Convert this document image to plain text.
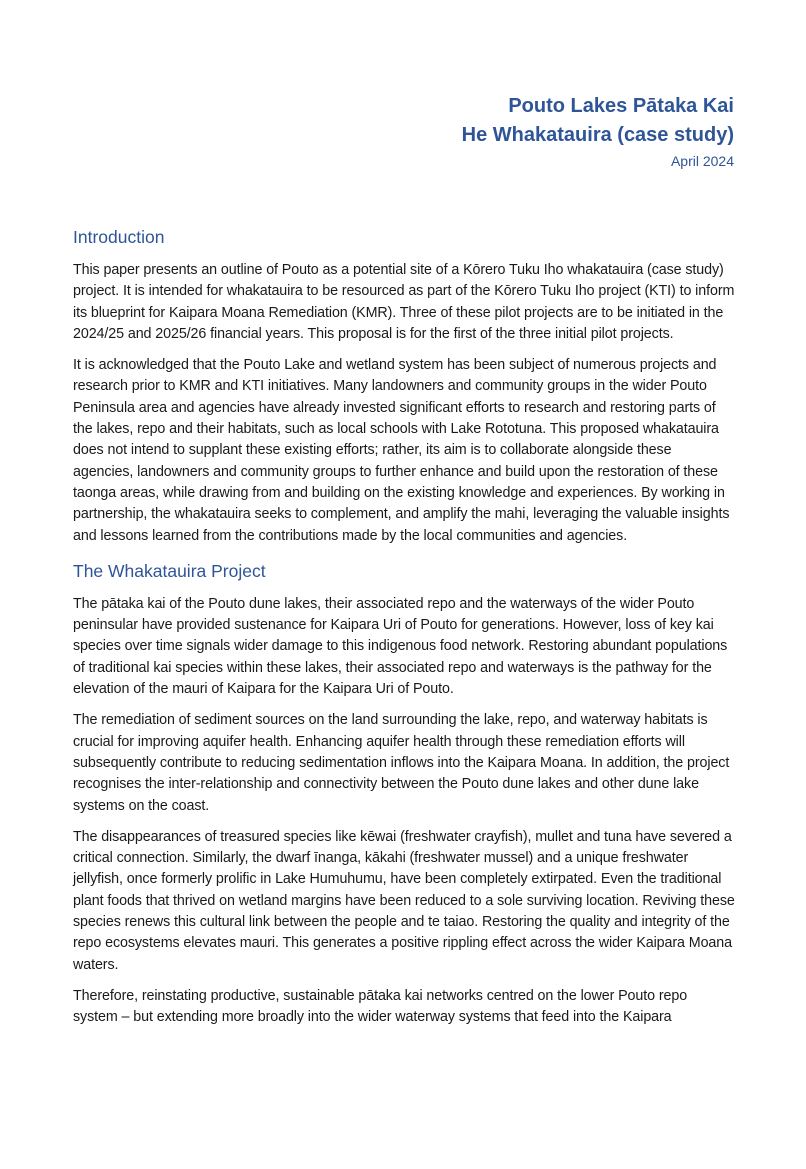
Pouto Lakes Pātaka Kai
He Whakatauira (case study)
April 2024
Introduction

This paper presents an outline of Pouto as a potential site of a Kōrero Tuku Iho whakatauira (case study) project. It is intended for whakatauira to be resourced as part of the Kōrero Tuku Iho project (KTI) to inform its blueprint for Kaipara Moana Remediation (KMR). Three of these pilot projects are to be initiated in the 2024/25 and 2025/26 financial years. This proposal is for the first of the three initial pilot projects.

It is acknowledged that the Pouto Lake and wetland system has been subject of numerous projects and research prior to KMR and KTI initiatives. Many landowners and community groups in the wider Pouto Peninsula area and agencies have already invested significant efforts to research and restoring parts of the lakes, repo and their habitats, such as local schools with Lake Rototuna. This proposed whakatauira does not intend to supplant these existing efforts; rather, its aim is to collaborate alongside these agencies, landowners and community groups to further enhance and build upon the restoration of these taonga areas, while drawing from and building on the existing knowledge and experiences. By working in partnership, the whakatauira seeks to complement, and amplify the mahi, leveraging the valuable insights and lessons learned from the contributions made by the local communities and agencies.

The Whakatauira Project

The pātaka kai of the Pouto dune lakes, their associated repo and the waterways of the wider Pouto peninsular have provided sustenance for Kaipara Uri of Pouto for generations. However, loss of key kai species over time signals wider damage to this indigenous food network. Restoring abundant populations of traditional kai species within these lakes, their associated repo and waterways is the pathway for the elevation of the mauri of Kaipara for the Kaipara Uri of Pouto.

The remediation of sediment sources on the land surrounding the lake, repo, and waterway habitats is crucial for improving aquifer health. Enhancing aquifer health through these remediation efforts will subsequently contribute to reducing sedimentation inflows into the Kaipara Moana. In addition, the project recognises the inter-relationship and connectivity between the Pouto dune lakes and other dune lake systems on the coast.

The disappearances of treasured species like kēwai (freshwater crayfish), mullet and tuna have severed a critical connection. Similarly, the dwarf īnanga, kākahi (freshwater mussel) and a unique freshwater jellyfish, once formerly prolific in Lake Humuhumu, have been completely extirpated. Even the traditional plant foods that thrived on wetland margins have been reduced to a sole surviving location. Reviving these species renews this cultural link between the people and te taiao. Restoring the quality and integrity of the repo ecosystems elevates mauri. This generates a positive rippling effect across the wider Kaipara Moana waters.

Therefore, reinstating productive, sustainable pātaka kai networks centred on the lower Pouto repo system – but extending more broadly into the wider waterway systems that feed into the Kaipara
